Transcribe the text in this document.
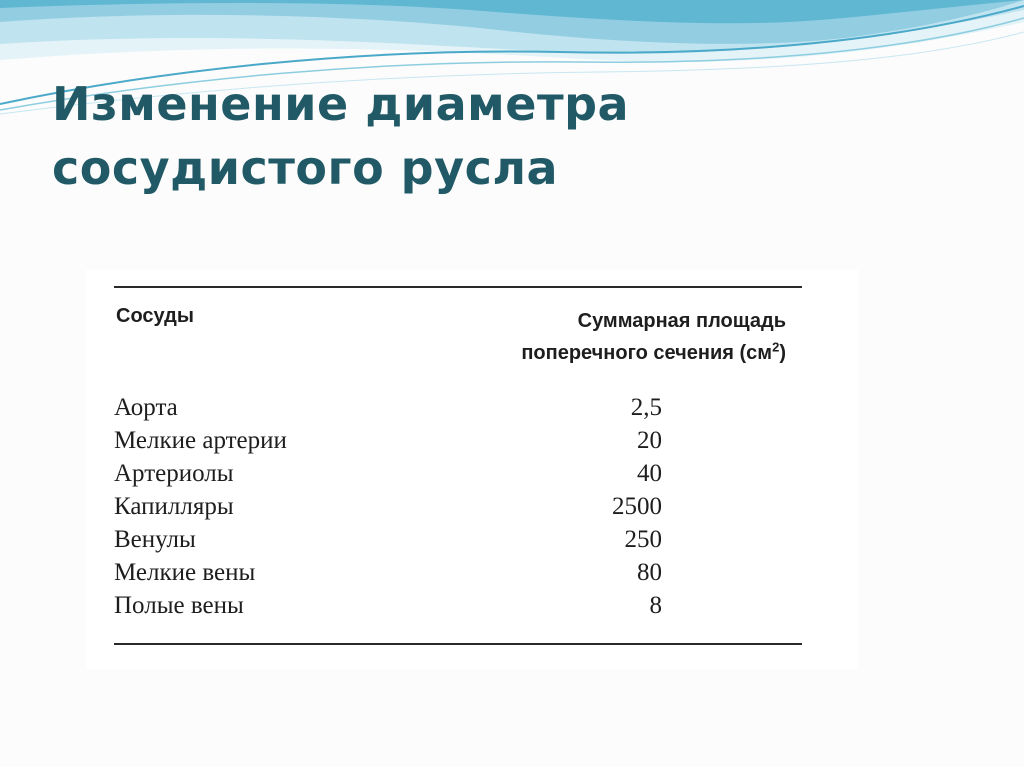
Изменение диаметра
сосудистого русла
Сосуды	Суммарная площадь
поперечного сечения $(см^2)$
Аорта	2,5
Мелкие артерии	20
Артериолы	40
Капилляры	2500
Венулы	250
Мелкие вены	80
Полые вены	8
